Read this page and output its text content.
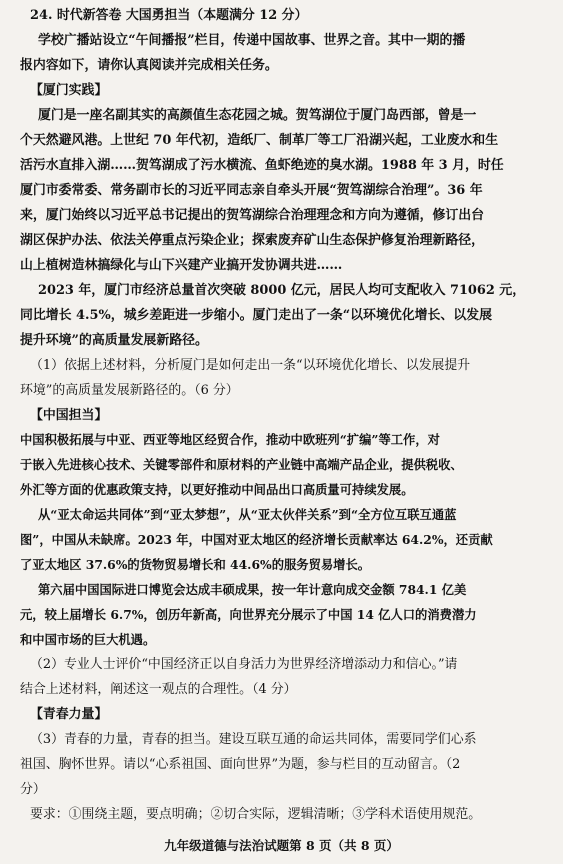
24. 时代新答卷 大国勇担当（本题满分 12 分）
学校广播站设立“午间播报”栏目，传递中国故事、世界之音。其中一期的播
报内容如下，请你认真阅读并完成相关任务。
【厦门实践】
厦门是一座名副其实的高颜值生态花园之城。贺笃湖位于厦门岛西部，曾是一
个天然避风港。上世纪 70 年代初，造纸厂、制革厂等工厂沿湖兴起，工业废水和生
活污水直排入湖……贺笃湖成了污水横流、鱼虾绝迹的臭水湖。1988 年 3 月，时任
厦门市委常委、常务副市长的习近平同志亲自牵头开展“贺笃湖综合治理”。36 年
来，厦门始终以习近平总书记提出的贺笃湖综合治理理念和方向为遵循，修订出台
湖区保护办法、依法关停重点污染企业；探索废弃矿山生态保护修复治理新路径，
山上植树造林搞绿化与山下兴建产业搞开发协调共进……
2023 年，厦门市经济总量首次突破 8000 亿元，居民人均可支配收入 71062 元，
同比增长 4.5%，城乡差距进一步缩小。厦门走出了一条“以环境优化增长、以发展
提升环境”的高质量发展新路径。
（1）依据上述材料，分析厦门是如何走出一条“以环境优化增长、以发展提升
环境”的高质量发展新路径的。（6 分）
【中国担当】
中国积极拓展与中亚、西亚等地区经贸合作，推动中欧班列“扩编”等工作，对
于嵌入先进核心技术、关键零部件和原材料的产业链中高端产品企业，提供税收、
外汇等方面的优惠政策支持，以更好推动中间品出口高质量可持续发展。
从“亚太命运共同体”到“亚太梦想”，从“亚太伙伴关系”到“全方位互联互通蓝
图”，中国从未缺席。2023 年，中国对亚太地区的经济增长贡献率达 64.2%，还贡献
了亚太地区 37.6%的货物贸易增长和 44.6%的服务贸易增长。
第六届中国国际进口博览会达成丰硕成果，按一年计意向成交金额 784.1 亿美
元，较上届增长 6.7%，创历年新高，向世界充分展示了中国 14 亿人口的消费潜力
和中国市场的巨大机遇。
（2）专业人士评价“中国经济正以自身活力为世界经济增添动力和信心。”请
结合上述材料，阐述这一观点的合理性。（4 分）
【青春力量】
（3）青春的力量，青春的担当。建设互联互通的命运共同体，需要同学们心系
祖国、胸怀世界。请以“心系祖国、面向世界”为题，参与栏目的互动留言。（2
分）
要求：①围绕主题，要点明确；②切合实际，逻辑清晰；③学科术语使用规范。
九年级道德与法治试题第 8 页（共 8 页）
